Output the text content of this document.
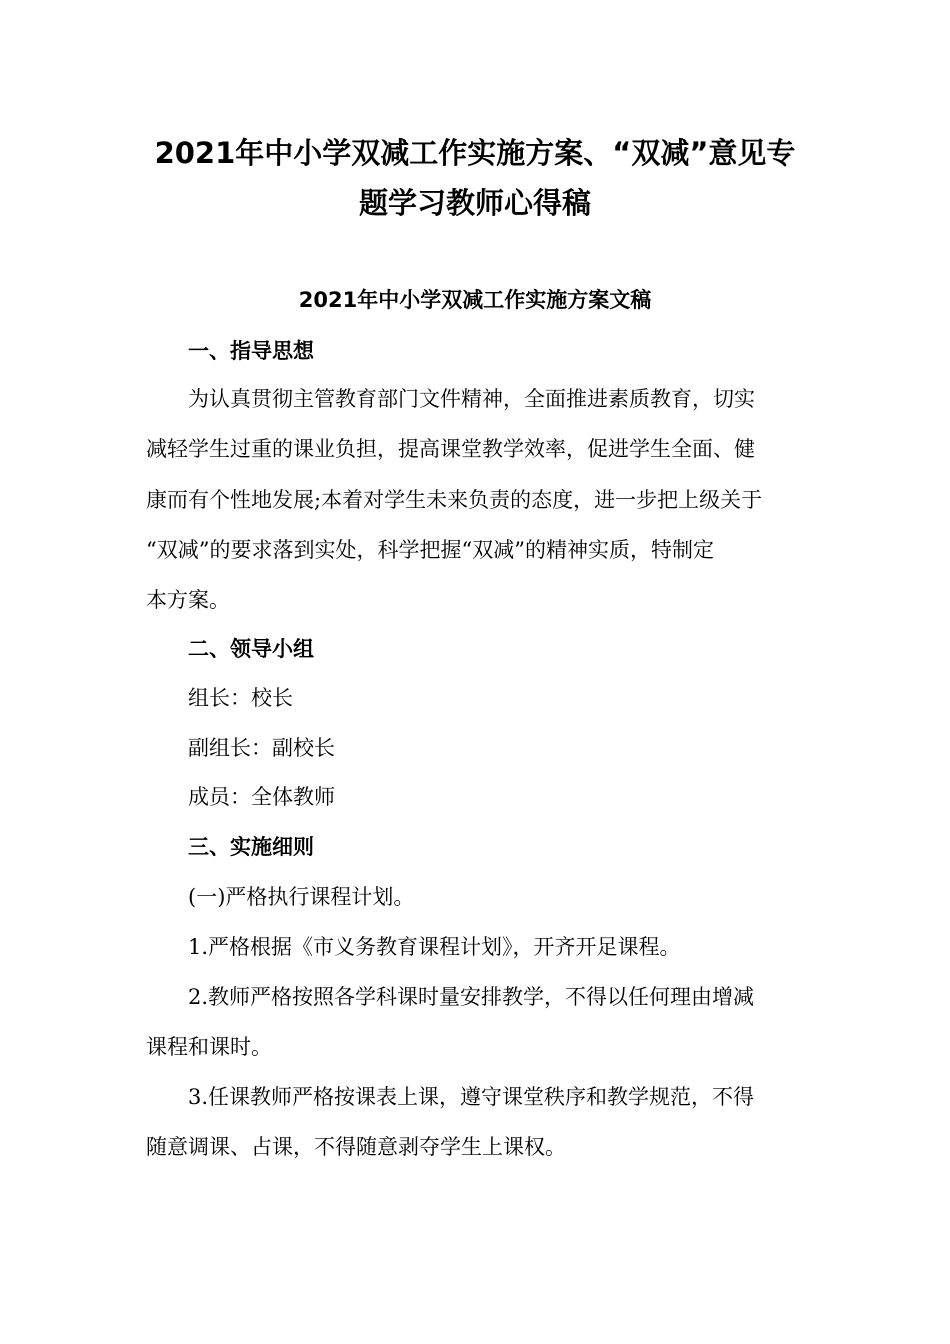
2021年中小学双减工作实施方案、“双减”意见专
题学习教师心得稿
2021年中小学双减工作实施方案文稿

一、指导思想

为认真贯彻主管教育部门文件精神，全面推进素质教育，切实

减轻学生过重的课业负担，提高课堂教学效率，促进学生全面、健

康而有个性地发展;本着对学生未来负责的态度，进一步把上级关于

“双减”的要求落到实处，科学把握“双减”的精神实质，特制定

本方案。

二、领导小组

组长：校长

副组长：副校长

成员：全体教师

三、实施细则

(一)严格执行课程计划。

1.严格根据《市义务教育课程计划》，开齐开足课程。

2.教师严格按照各学科课时量安排教学，不得以任何理由增减

课程和课时。

3.任课教师严格按课表上课，遵守课堂秩序和教学规范，不得

随意调课、占课，不得随意剥夺学生上课权。
